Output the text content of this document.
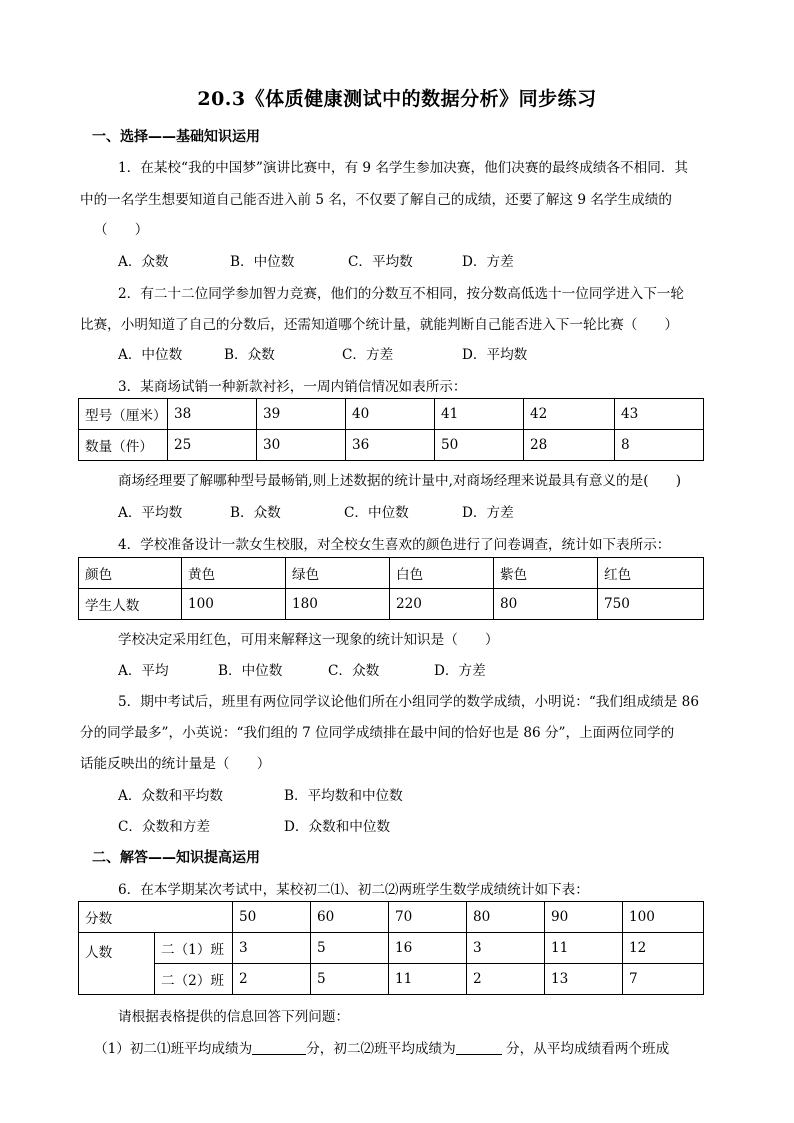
20.3《体质健康测试中的数据分析》同步练习
一、选择——基础知识运用
1．在某校“我的中国梦”演讲比赛中，有 9 名学生参加决赛，他们决赛的最终成绩各不相同．其
中的一名学生想要知道自己能否进入前 5 名，不仅要了解自己的成绩，还要了解这 9 名学生成绩的
（　　）
A．众数	B．中位数	C．平均数	D．方差
2．有二十二位同学参加智力竞赛，他们的分数互不相同，按分数高低选十一位同学进入下一轮
比赛，小明知道了自己的分数后，还需知道哪个统计量，就能判断自己能否进入下一轮比赛（　　）
A．中位数	B．众数	C．方差	D．平均数
3．某商场试销一种新款衬衫，一周内销信情况如表所示：
型号（厘米）	38	39	40	41	42	43
数量（件）	25	30	36	50	28	8
商场经理要了解哪种型号最畅销,则上述数据的统计量中,对商场经理来说最具有意义的是(　　)
A．平均数	B．众数	C．中位数	D．方差
4．学校准备设计一款女生校服，对全校女生喜欢的颜色进行了问卷调查，统计如下表所示：
颜色	黄色	绿色	白色	紫色	红色
学生人数	100	180	220	80	750
学校决定采用红色，可用来解释这一现象的统计知识是（　　）
A．平均	B．中位数	C．众数	D．方差
5．期中考试后，班里有两位同学议论他们所在小组同学的数学成绩，小明说：“我们组成绩是 86
分的同学最多”，小英说：“我们组的 7 位同学成绩排在最中间的恰好也是 86 分”，上面两位同学的
话能反映出的统计量是（　　）
A．众数和平均数	B．平均数和中位数
C．众数和方差	D．众数和中位数
二、解答——知识提高运用
6．在本学期某次考试中，某校初二⑴、初二⑵两班学生数学成绩统计如下表：
分数		50	60	70	80	90	100
人数	二（1）班	3	5	16	3	11	12
	二（2）班	2	5	11	2	13	7
请根据表格提供的信息回答下列问题：
（1）初二⑴班平均成绩为	分，初二⑵班平均成绩为	分，从平均成绩看两个班成
